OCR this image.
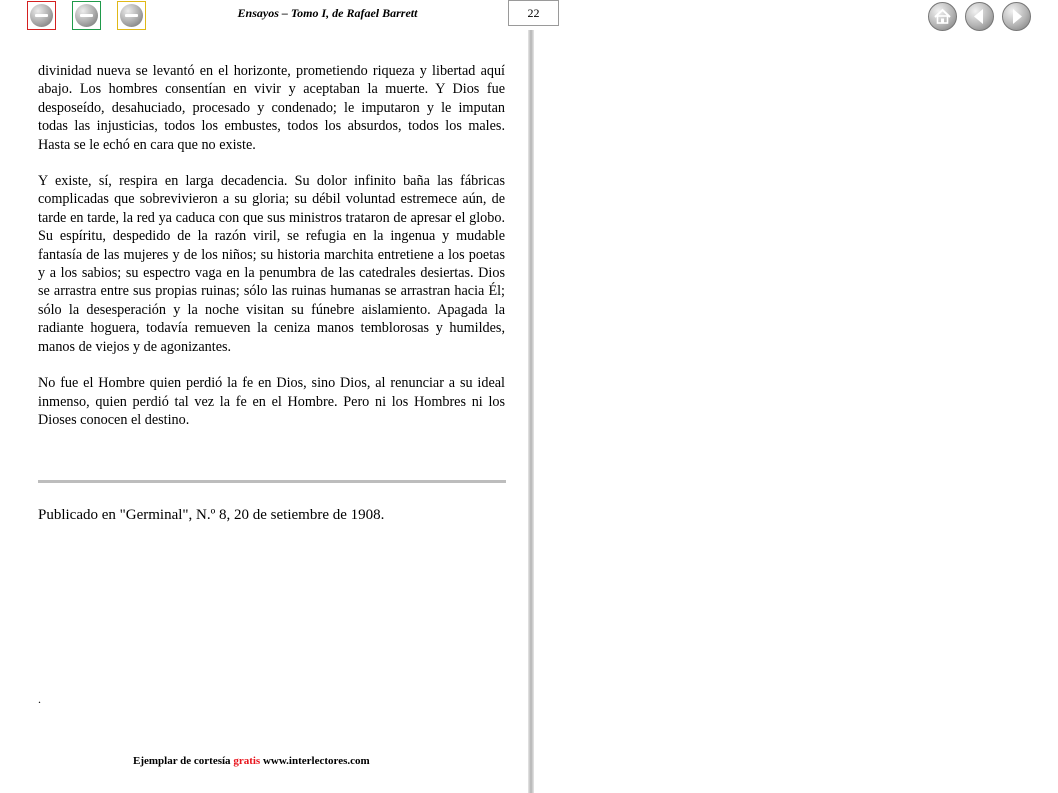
Ensayos – Tomo I, de Rafael Barrett	22

divinidad nueva se levantó en el horizonte, prometiendo riqueza y libertad aquí abajo. Los hombres consentían en vivir y aceptaban la muerte. Y Dios fue desposeído, desahuciado, procesado y condenado; le imputaron y le imputan todas las injusticias, todos los embustes, todos los absurdos, todos los males. Hasta se le echó en cara que no existe.

Y existe, sí, respira en larga decadencia. Su dolor infinito baña las fábricas complicadas que sobrevivieron a su gloria; su débil voluntad estremece aún, de tarde en tarde, la red ya caduca con que sus ministros trataron de apresar el globo. Su espíritu, despedido de la razón viril, se refugia en la ingenua y mudable fantasía de las mujeres y de los niños; su historia marchita entretiene a los poetas y a los sabios; su espectro vaga en la penumbra de las catedrales desiertas. Dios se arrastra entre sus propias ruinas; sólo las ruinas humanas se arrastran hacia Él; sólo la desesperación y la noche visitan su fúnebre aislamiento. Apagada la radiante hoguera, todavía remueven la ceniza manos temblorosas y humildes, manos de viejos y de agonizantes.

No fue el Hombre quien perdió la fe en Dios, sino Dios, al renunciar a su ideal inmenso, quien perdió tal vez la fe en el Hombre. Pero ni los Hombres ni los Dioses conocen el destino.

Publicado en "Germinal", N.º 8, 20 de setiembre de 1908.
.
Ejemplar de cortesía gratis www.interlectores.com
